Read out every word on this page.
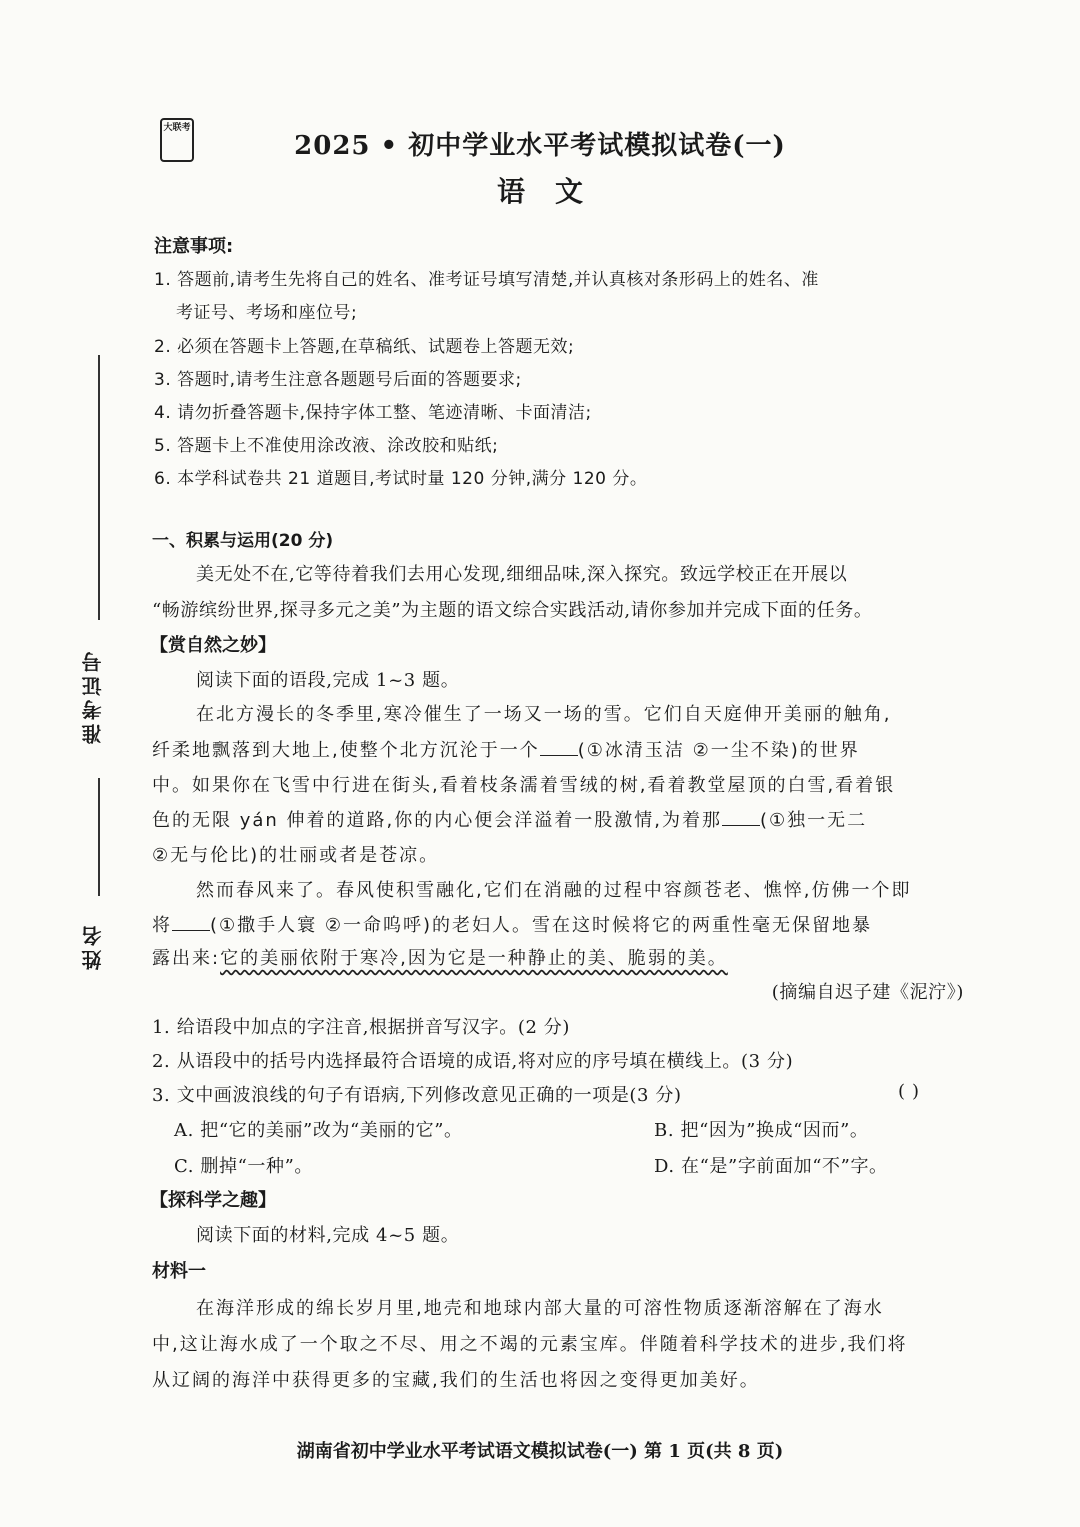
大联考
2025 • 初中学业水平考试模拟试卷(一)
语文
注意事项:
1. 答题前,请考生先将自己的姓名、准考证号填写清楚,并认真核对条形码上的姓名、准
考证号、考场和座位号;
2. 必须在答题卡上答题,在草稿纸、试题卷上答题无效;
3. 答题时,请考生注意各题题号后面的答题要求;
4. 请勿折叠答题卡,保持字体工整、笔迹清晰、卡面清洁;
5. 答题卡上不准使用涂改液、涂改胶和贴纸;
6. 本学科试卷共 21 道题目,考试时量 120 分钟,满分 120 分。
准考证号
姓名
一、积累与运用(20 分)
美无处不在,它等待着我们去用心发现,细细品味,深入探究。致远学校正在开展以
“畅游缤纷世界,探寻多元之美”为主题的语文综合实践活动,请你参加并完成下面的任务。
【赏自然之妙】
阅读下面的语段,完成 1~3 题。
在北方漫长的冬季里,寒冷催生了一场又一场的雪。它们自天庭伸开美丽的触角,
纤柔地飘落到大地上,使整个北方沉沦于一个 (①冰清玉洁 ②一尘不染)的世界
中。如果你在飞雪中行进在街头,看着枝条濡着雪绒的树,看着教堂屋顶的白雪,看着银
色的无限 yán 伸着的道路,你的内心便会洋溢着一股激情,为着那 (①独一无二
②无与伦比)的壮丽或者是苍凉。
然而春风来了。春风使积雪融化,它们在消融的过程中容颜苍老、憔悴,仿佛一个即
将 (①撒手人寰 ②一命呜呼)的老妇人。雪在这时候将它的两重性毫无保留地暴
露出来:它的美丽依附于寒冷,因为它是一种静止的美、脆弱的美。
(摘编自迟子建《泥泞》)
1. 给语段中加点的字注音,根据拼音写汉字。(2 分)
2. 从语段中的括号内选择最符合语境的成语,将对应的序号填在横线上。(3 分)
3. 文中画波浪线的句子有语病,下列修改意见正确的一项是(3 分)	( )
A. 把“它的美丽”改为“美丽的它”。	B. 把“因为”换成“因而”。
C. 删掉“一种”。	D. 在“是”字前面加“不”字。
【探科学之趣】
阅读下面的材料,完成 4~5 题。
材料一
在海洋形成的绵长岁月里,地壳和地球内部大量的可溶性物质逐渐溶解在了海水
中,这让海水成了一个取之不尽、用之不竭的元素宝库。伴随着科学技术的进步,我们将
从辽阔的海洋中获得更多的宝藏,我们的生活也将因之变得更加美好。
湖南省初中学业水平考试语文模拟试卷(一) 第 1 页(共 8 页)
